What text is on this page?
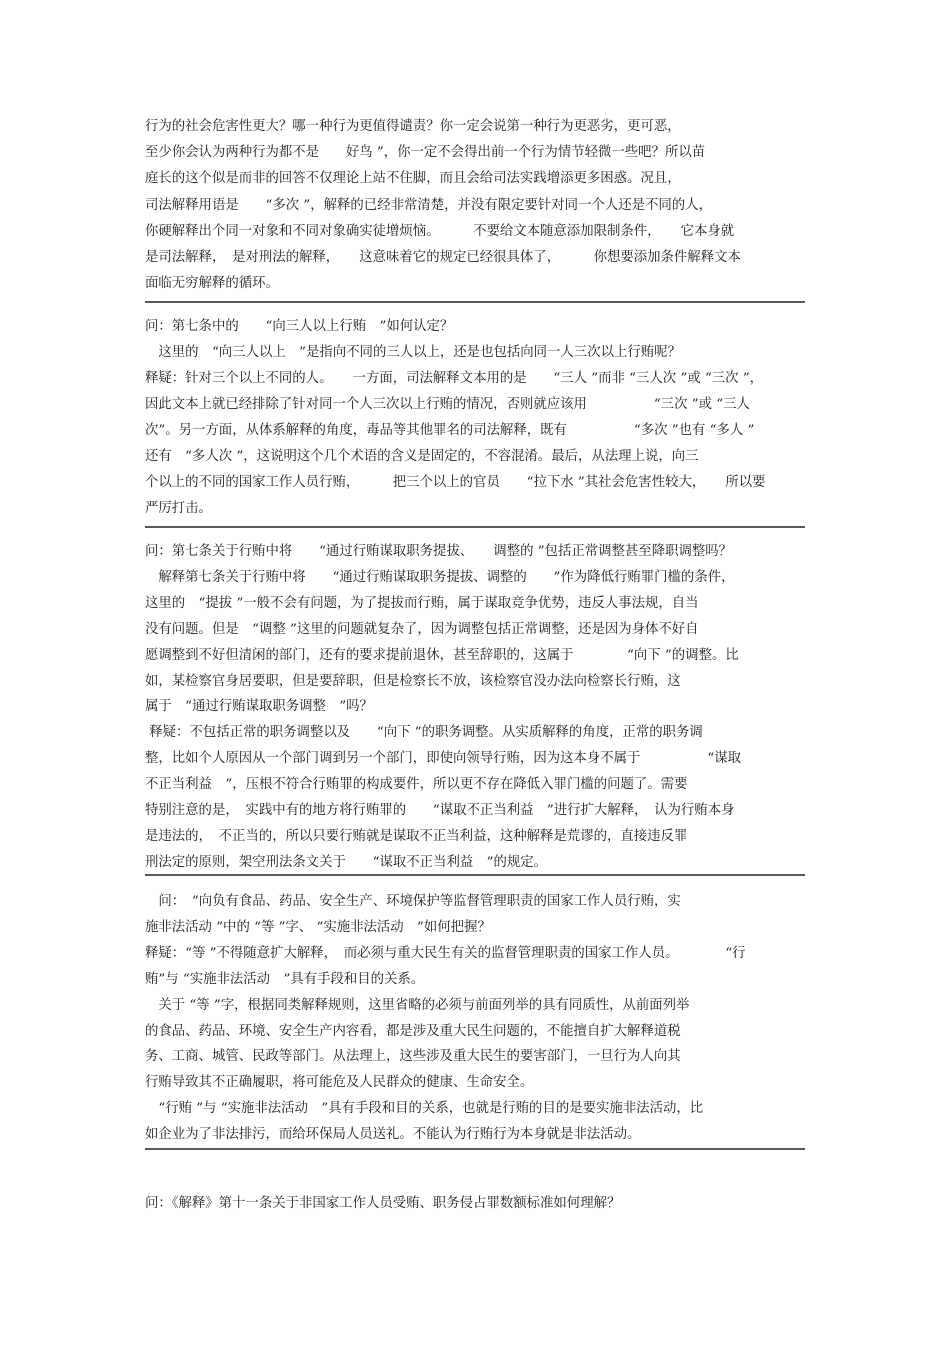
行为的社会危害性更大？哪一种行为更值得谴责？你一定会说第一种行为更恶劣，更可恶，
至少你会认为两种行为都不是　　好鸟 ”，你一定不会得出前一个行为情节轻微一些吧？所以苗
庭长的这个似是而非的回答不仅理论上站不住脚，而且会给司法实践增添更多困惑。况且，
司法解释用语是　　“多次 ”，解释的已经非常清楚，并没有限定要针对同一个人还是不同的人，
你硬解释出个同一对象和不同对象确实徒增烦恼。　　　不要给文本随意添加限制条件，　　它本身就
是司法解释，　是对刑法的解释，　　这意味着它的规定已经很具体了，　　　你想要添加条件解释文本
面临无穷解释的循环。
问：第七条中的　　“向三人以上行贿　”如何认定？
　这里的　“向三人以上　”是指向不同的三人以上，还是也包括向同一人三次以上行贿呢？
释疑：针对三个以上不同的人。　　一方面，司法解释文本用的是　　“三人 ”而非 “三人次 ”或 “三次 ”，
因此文本上就已经排除了针对同一个人三次以上行贿的情况，否则就应该用　　　　　“三次 ”或 “三人
次”。另一方面，从体系解释的角度，毒品等其他罪名的司法解释，既有　　　　　“多次 ”也有 “多人 ”
还有　“多人次 ”，这说明这个几个术语的含义是固定的，不容混淆。最后，从法理上说，向三
个以上的不同的国家工作人员行贿，　　　把三个以上的官员　　“拉下水 ”其社会危害性较大，　　所以要
严厉打击。
问：第七条关于行贿中将　　“通过行贿谋取职务提拔、　　调整的 ”包括正常调整甚至降职调整吗？
　解释第七条关于行贿中将　　“通过行贿谋取职务提拔、调整的　　”作为降低行贿罪门槛的条件，
这里的　“提拔 ”一般不会有问题，为了提拔而行贿，属于谋取竞争优势，违反人事法规，自当
没有问题。但是　“调整 ”这里的问题就复杂了，因为调整包括正常调整，还是因为身体不好自
愿调整到不好但清闲的部门，还有的要求提前退休，甚至辞职的，这属于　　　　“向下 ”的调整。比
如，某检察官身居要职，但是要辞职，但是检察长不放，该检察官没办法向检察长行贿，这
属于　“通过行贿谋取职务调整　”吗？
释疑：不包括正常的职务调整以及　　“向下 ”的职务调整。从实质解释的角度，正常的职务调
整，比如个人原因从一个部门调到另一个部门，即使向领导行贿，因为这本身不属于　　　　　“谋取
不正当利益　”，压根不符合行贿罪的构成要件，所以更不存在降低入罪门槛的问题了。需要
特别注意的是，　实践中有的地方将行贿罪的　　“谋取不正当利益　”进行扩大解释，　认为行贿本身
是违法的，　不正当的，所以只要行贿就是谋取不正当利益，这种解释是荒谬的，直接违反罪
刑法定的原则，架空刑法条文关于　　“谋取不正当利益　”的规定。
　问：　“向负有食品、药品、安全生产、环境保护等监督管理职责的国家工作人员行贿，实
施非法活动 ”中的 “等 ”字、 “实施非法活动　”如何把握？
释疑：“等 ”不得随意扩大解释，　而必须与重大民生有关的监督管理职责的国家工作人员。　　　　“行
贿”与 “实施非法活动　”具有手段和目的关系。
　关于 “等 ”字，根据同类解释规则，这里省略的必须与前面列举的具有同质性，从前面列举
的食品、药品、环境、安全生产内容看，都是涉及重大民生问题的，不能擅自扩大解释道税
务、工商、城管、民政等部门。从法理上，这些涉及重大民生的要害部门，一旦行为人向其
行贿导致其不正确履职，将可能危及人民群众的健康、生命安全。
　“行贿 ”与 “实施非法活动　”具有手段和目的关系，也就是行贿的目的是要实施非法活动，比
如企业为了非法排污，而给环保局人员送礼。不能认为行贿行为本身就是非法活动。
问：《解释》第十一条关于非国家工作人员受贿、职务侵占罪数额标准如何理解？
